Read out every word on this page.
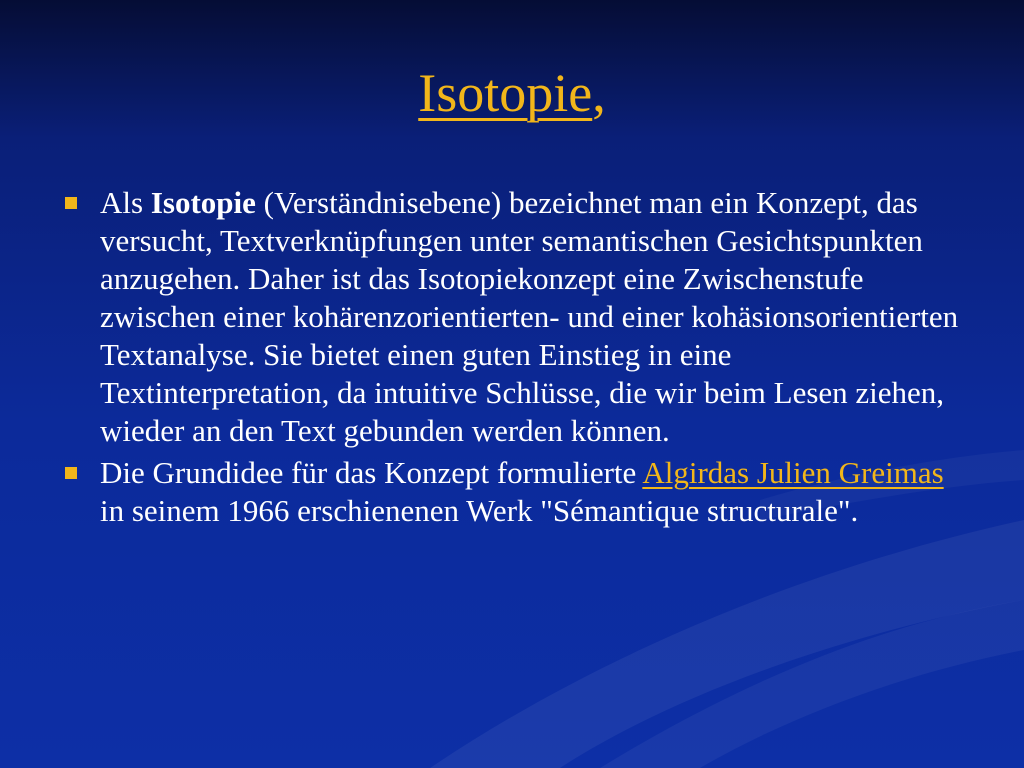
Isotopie,
Als Isotopie (Verständnisebene) bezeichnet man ein Konzept, das versucht, Textverknüpfungen unter semantischen Gesichtspunkten anzugehen. Daher ist das Isotopiekonzept eine Zwischenstufe zwischen einer kohärenzorientierten- und einer kohäsionsorientierten Textanalyse. Sie bietet einen guten Einstieg in eine Textinterpretation, da intuitive Schlüsse, die wir beim Lesen ziehen, wieder an den Text gebunden werden können.
Die Grundidee für das Konzept formulierte Algirdas Julien Greimas in seinem 1966 erschienenen Werk "Sémantique structurale".
